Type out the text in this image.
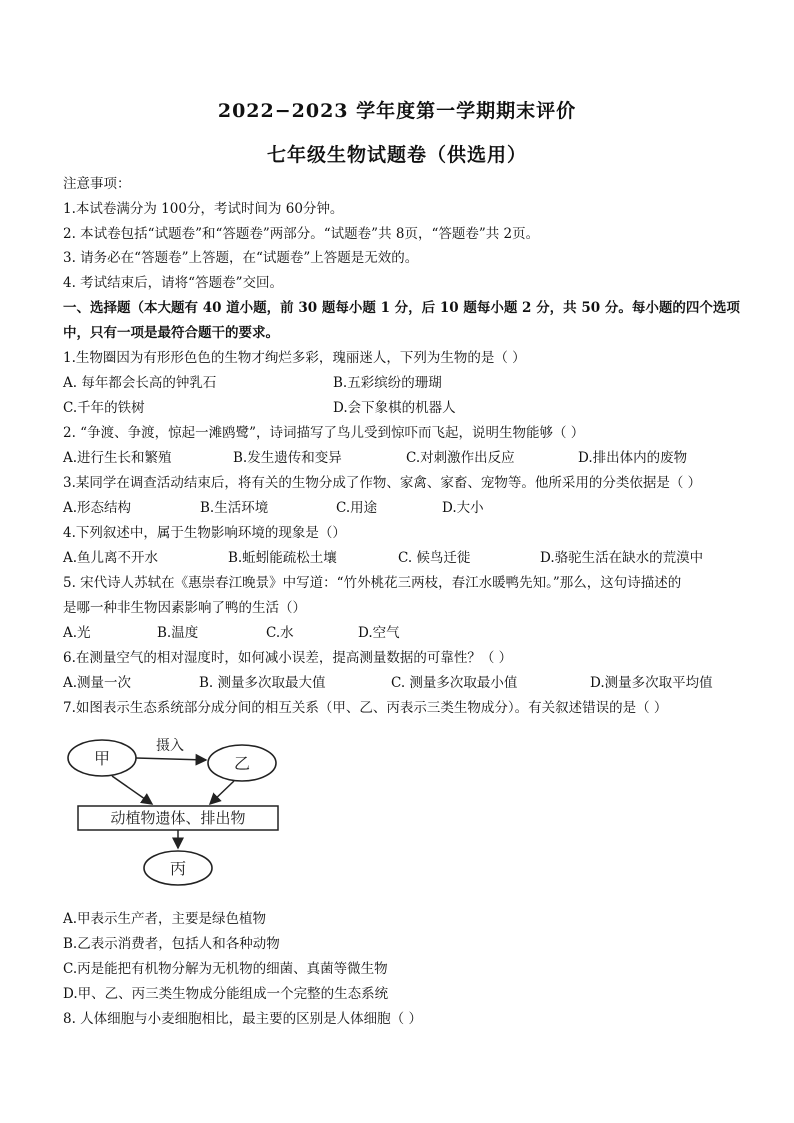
2022−2023 学年度第一学期期末评价
七年级生物试题卷（供选用）
注意事项：
1.本试卷满分为 100分，考试时间为 60分钟。
2. 本试卷包括“试题卷”和“答题卷”两部分。“试题卷”共 8页，“答题卷”共 2页。
3. 请务必在“答题卷”上答题，在“试题卷”上答题是无效的。
4. 考试结束后，请将“答题卷”交回。
一、选择题（本大题有 40 道小题，前 30 题每小题 1 分，后 10 题每小题 2 分，共 50 分。每小题的四个选项
中，只有一项是最符合题干的要求。
1.生物圈因为有形形色色的生物才绚烂多彩，瑰丽迷人，下列为生物的是（ ）
A. 每年都会长高的钟乳石	B.五彩缤纷的珊瑚
C.千年的铁树	D.会下象棋的机器人
2. “争渡、争渡，惊起一滩鸥鹭”，诗词描写了鸟儿受到惊吓而飞起，说明生物能够（ ）
A.进行生长和繁殖	B.发生遗传和变异	C.对刺激作出反应	D.排出体内的废物
3.某同学在调查活动结束后，将有关的生物分成了作物、家禽、家畜、宠物等。他所采用的分类依据是（ ）
A.形态结构	B.生活环境	C.用途	D.大小
4.下列叙述中，属于生物影响环境的现象是（）
A.鱼儿离不开水	B.蚯蚓能疏松土壤	C. 候鸟迁徙	D.骆驼生活在缺水的荒漠中
5. 宋代诗人苏轼在《惠崇春江晚景》中写道：“竹外桃花三两枝，春江水暖鸭先知。”那么，这句诗描述的
是哪一种非生物因素影响了鸭的生活（）
A.光	B.温度	C.水	D.空气
6.在测量空气的相对湿度时，如何减小误差，提高测量数据的可靠性？（ ）
A.测量一次	B. 测量多次取最大值	C. 测量多次取最小值	D.测量多次取平均值
7.如图表示生态系统部分成分间的相互关系（甲、乙、丙表示三类生物成分）。有关叙述错误的是（ ）
甲	乙
摄入
动植物遗体、排出物
丙
A.甲表示生产者，主要是绿色植物
B.乙表示消费者，包括人和各种动物
C.丙是能把有机物分解为无机物的细菌、真菌等微生物
D.甲、乙、丙三类生物成分能组成一个完整的生态系统
8. 人体细胞与小麦细胞相比，最主要的区别是人体细胞（ ）
